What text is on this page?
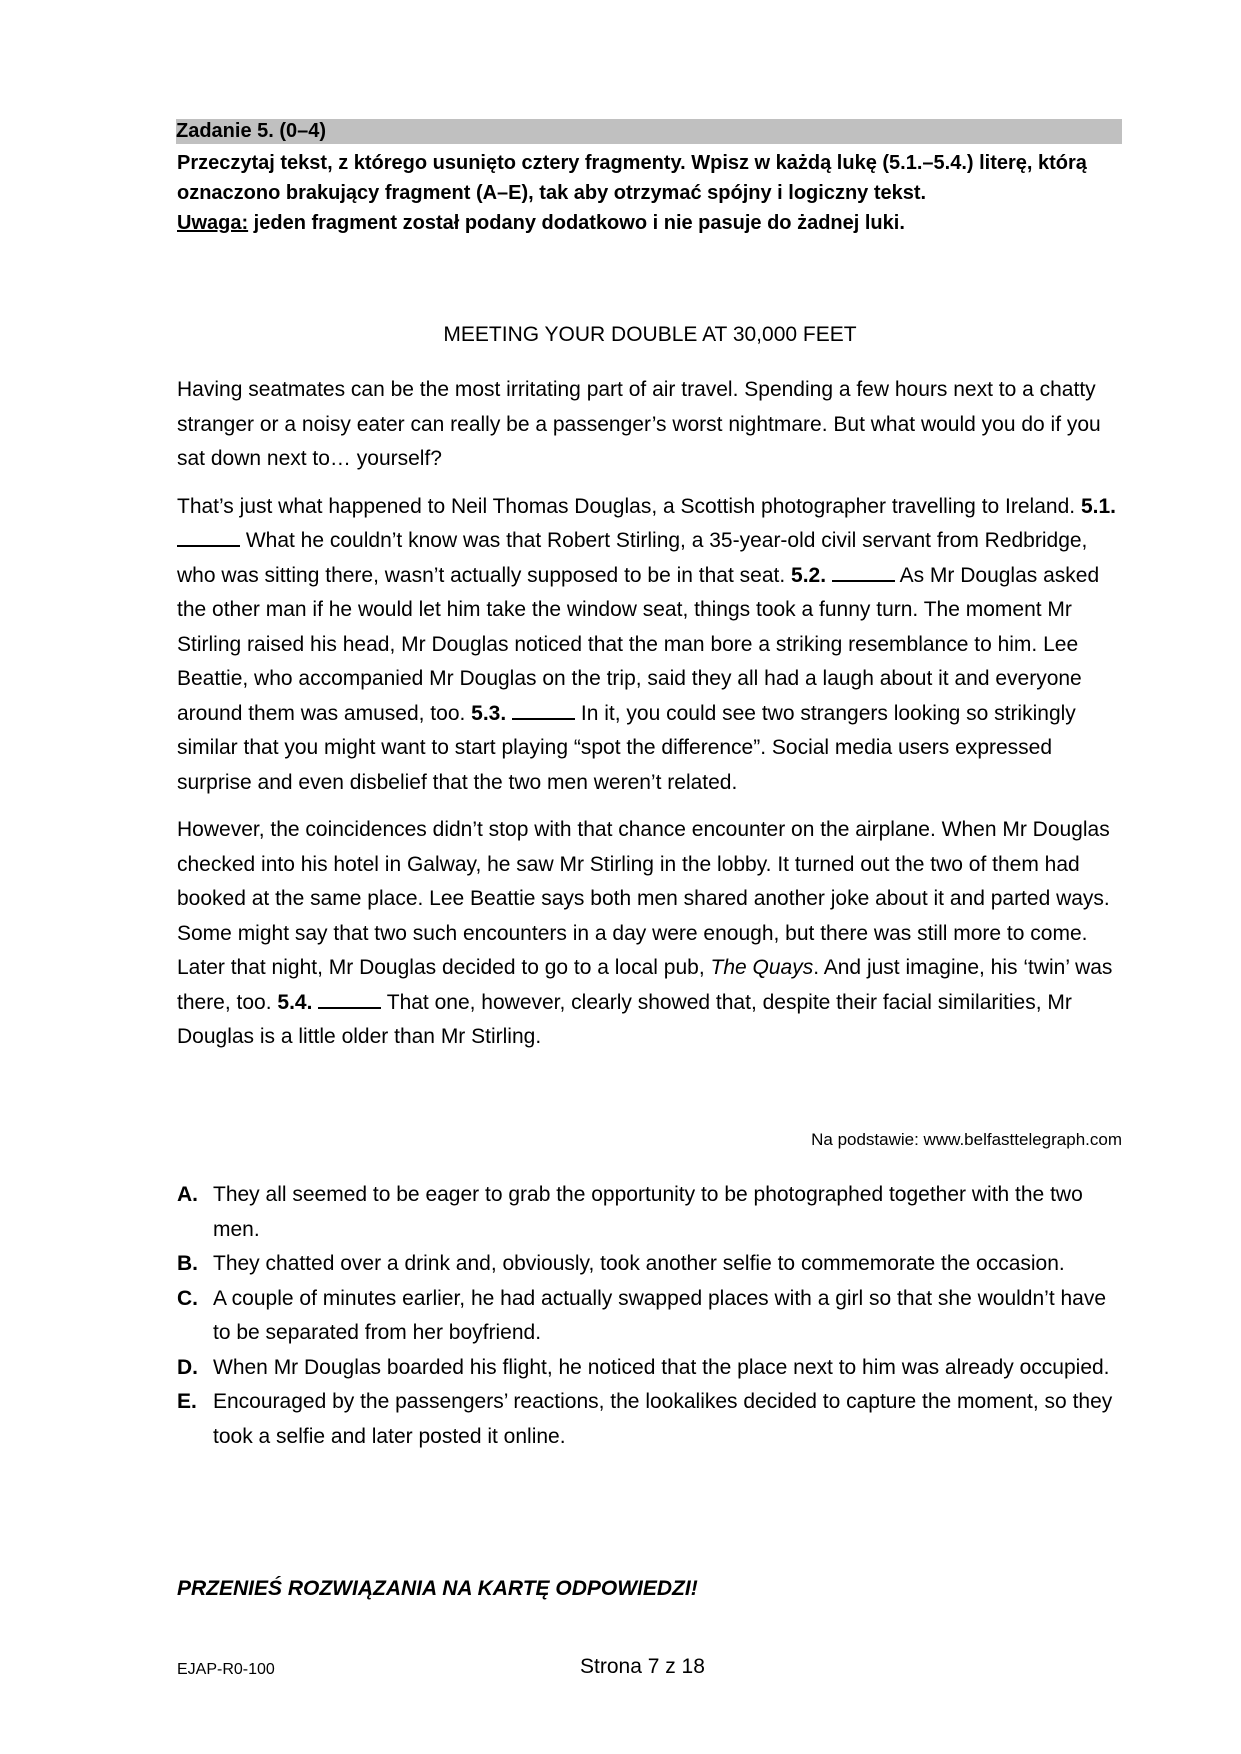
Zadanie 5. (0–4)

Przeczytaj tekst, z którego usunięto cztery fragmenty. Wpisz w każdą lukę (5.1.–5.4.) literę, którą oznaczono brakujący fragment (A–E), tak aby otrzymać spójny i logiczny tekst.

Uwaga: jeden fragment został podany dodatkowo i nie pasuje do żadnej luki.

MEETING YOUR DOUBLE AT 30,000 FEET

Having seatmates can be the most irritating part of air travel. Spending a few hours next to a chatty stranger or a noisy eater can really be a passenger’s worst nightmare. But what would you do if you sat down next to… yourself?

That’s just what happened to Neil Thomas Douglas, a Scottish photographer travelling to Ireland. 5.1.  What he couldn’t know was that Robert Stirling, a 35-year-old civil servant from Redbridge, who was sitting there, wasn’t actually supposed to be in that seat. 5.2.	As Mr Douglas asked the other man if he would let him take the window seat, things took a funny turn. The moment Mr Stirling raised his head, Mr Douglas noticed that the man bore a striking resemblance to him. Lee Beattie, who accompanied Mr Douglas on the trip, said they all had a laugh about it and everyone around them was amused, too. 5.3.	In it, you could see two strangers looking so strikingly similar that you might want to start playing “spot the difference”. Social media users expressed surprise and even disbelief that the two men weren’t related.

However, the coincidences didn’t stop with that chance encounter on the airplane. When Mr Douglas checked into his hotel in Galway, he saw Mr Stirling in the lobby. It turned out the two of them had booked at the same place. Lee Beattie says both men shared another joke about it and parted ways. Some might say that two such encounters in a day were enough, but there was still more to come. Later that night, Mr Douglas decided to go to a local pub, The Quays. And just imagine, his ‘twin’ was there, too. 5.4.	That one, however, clearly showed that, despite their facial similarities, Mr Douglas is a little older than Mr Stirling.

Na podstawie: www.belfasttelegraph.com
A. They all seemed to be eager to grab the opportunity to be photographed together with the two men.
B. They chatted over a drink and, obviously, took another selfie to commemorate the occasion.
C. A couple of minutes earlier, he had actually swapped places with a girl so that she wouldn’t have to be separated from her boyfriend.
D. When Mr Douglas boarded his flight, he noticed that the place next to him was already occupied.
E. Encouraged by the passengers’ reactions, the lookalikes decided to capture the moment, so they took a selfie and later posted it online.
PRZENIEŚ ROZWIĄZANIA NA KARTĘ ODPOWIEDZI!
EJAP-R0-100	Strona 7 z 18
